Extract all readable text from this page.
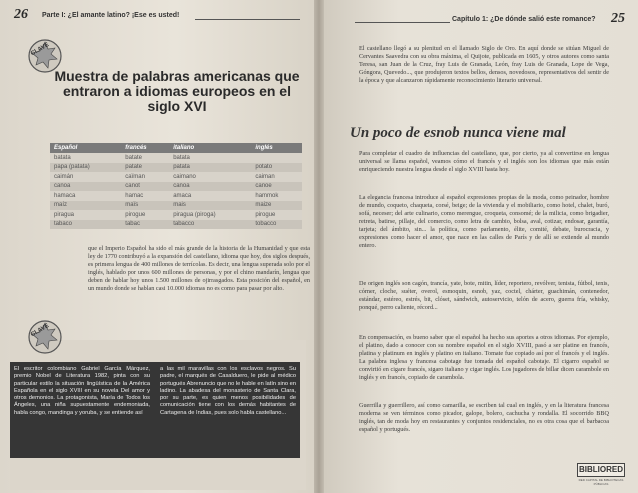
26 Parte I: ¿El amante latino? ¡Ese es usted!
Capítulo 1: ¿De dónde salió este romance? 25
CLAVE
Muestra de palabras americanas que entraron a idiomas europeos en el siglo XVI
Español	francés	italiano	inglés
batata	batate	batata	
papa (patata)	patate	patata	potato
caimán	caïman	caimano	caiman
canoa	canot	canoa	canoe
hamaca	hamac	amaca	hammok
maíz	maïs	mais	maize
piragua	pirogue	piragua (piroga)	pirogue
tabaco	tabac	tabacco	tobacco
que el Imperio Español ha sido el más grande de la historia de la Humanidad y que esta ley de 1770 contribuyó a la expansión del castellano, idioma que hoy, dos siglos después, es primera lengua de 400 millones de terrícolas. Es decir, una lengua superada solo por el inglés, hablado por unos 600 millones de personas, y por el chino mandarín, lengua que deben de hablar hoy unos 1.500 millones de ojirrasgados. Esta posición del español, en un mundo donde se hablan casi 10.000 idiomas no es como para pasar por alto.
CLAVE
El escritor colombiano Gabriel García Márquez, premio Nobel de Literatura 1982, pinta con su particular estilo la situación lingüística de la América Española en el siglo XVIII en su novela Del amor y otros demonios. La protagonista, María de Todos los Ángeles, una niña supuestamente endemoniada, habla congo, mandinga y yoruba, y se entiende así
a las mil maravillas con los esclavos negros. Su padre, el marqués de Casalduero, le pide al médico portugués Abrenuncio que no le hable en latín sino en ladino. La abadesa del monasterio de Santa Clara, por su parte, es quien menos posibilidades de comunicación tiene con los demás habitantes de Cartagena de Indias, pues solo habla castellano...
El castellano llegó a su plenitud en el llamado Siglo de Oro. En aquí donde se sitúan Miguel de Cervantes Saavedra con su obra máxima, el Quijote, publicada en 1605, y otros autores como santa Teresa, san Juan de la Cruz, fray Luis de Granada, León, fray Luis de Granada, Lope de Vega, Góngora, Quevedo..., que produjeron textos bellos, densos, novedosos, representativos del sentir de la época y que alcanzaron rápidamente reconocimiento literario universal.
Un poco de esnob nunca viene mal

Para completar el cuadro de influencias del castellano, que, por cierto, ya al convertirse en lengua universal se llama español, veamos cómo el francés y el inglés son los idiomas que más están enriqueciendo nuestra lengua desde el siglo XVIII hasta hoy.

La elegancia francesa introduce al español expresiones propias de la moda, como peinador, hombre de mundo, coqueto, chaqueta, corsé, beige; de la vivienda y el mobiliario, como hotel, chalet, buró, sofá, neceser; del arte culinario, como merengue, croqueta, consomé; de la milicia, como brigadier, retreta, batirse, pillaje, del comercio, como letra de cambio, bolsa, aval, cotizar, endosar, garantía, tarjeta; del ámbito, sin... la política, como parlamento, élite, comité, debate, burocracia, y expresiones como hacer el amor, que nace en las calles de París y de allí se extiende al mundo entero.

De origen inglés son cagón, trancía, yate, bote, mitin, líder, reportero, revólver, tenista, fútbol, tenis, córner, cloche, suéter, overol, esmoquin, esnob, yaz, coctel, chárter, guachimán, contenedor, estándar, estéreo, estrés, bit, clóset, sándwich, autoservicio, telón de acero, guerra fría, whisky, ponqué, perro caliente, récord...

En compensación, es bueno saber que el español ha hecho sus aportes a otros idiomas. Por ejemplo, el platino, dado a conocer con su nombre español en el siglo XVIII, pasó a ser platine en francés, platina y platinum en inglés y platino en italiano. Tomate fue copiado así por el francés y el inglés. La palabra inglesa y francesa cabotage fue tomada del español cabotaje. El cigarro español se convirtió en cigare francés, sigaro italiano y cigar inglés. Los jugadores de billar dicen carambole en inglés y en francés, copiado de carambola.

Guerrilla y guerrillero, así como camarilla, se escriben tal cual en inglés, y en la literatura francesa moderna se ven términos como picador, galope, bolero, cachucha y rondalla. El socorrido BBQ inglés, tan de moda hoy en restaurantes y conjuntos residenciales, no es otra cosa que el barbacoa español y portugués.

BIBLIORED
RED CAPITAL DE BIBLIOTECAS PÚBLICAS
